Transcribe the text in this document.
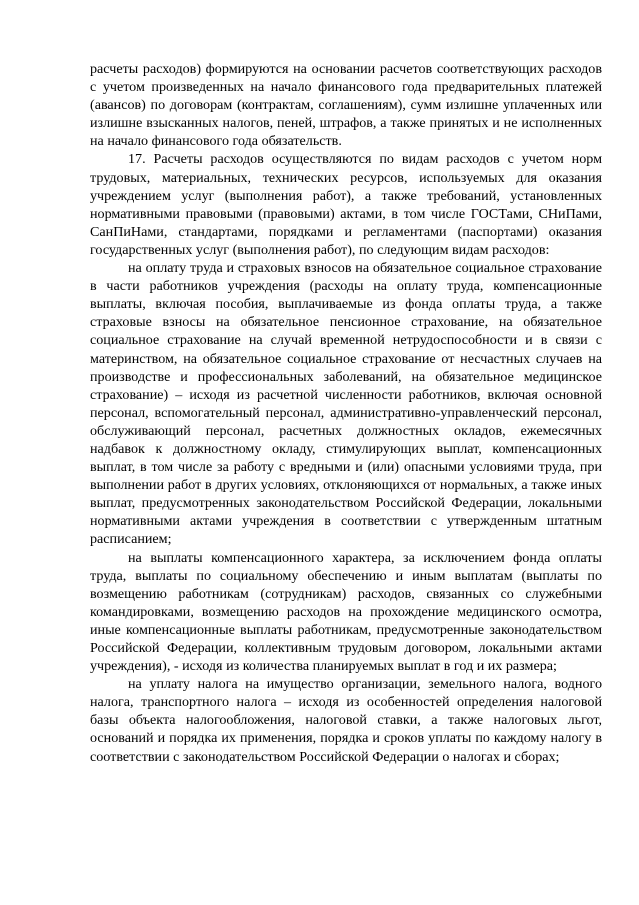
расчеты расходов) формируются на основании расчетов соответствующих расходов с учетом произведенных на начало финансового года предварительных платежей (авансов) по договорам (контрактам, соглашениям), сумм излишне уплаченных или излишне взысканных налогов, пеней, штрафов, а также принятых и не исполненных на начало финансового года обязательств.

17. Расчеты расходов осуществляются по видам расходов с учетом норм трудовых, материальных, технических ресурсов, используемых для оказания учреждением услуг (выполнения работ), а также требований, установленных нормативными правовыми (правовыми) актами, в том числе ГОСТами, СНиПами, СанПиНами, стандартами, порядками и регламентами (паспортами) оказания государственных услуг (выполнения работ), по следующим видам расходов:

на оплату труда и страховых взносов на обязательное социальное страхование в части работников учреждения (расходы на оплату труда, компенсационные выплаты, включая пособия, выплачиваемые из фонда оплаты труда, а также страховые взносы на обязательное пенсионное страхование, на обязательное социальное страхование на случай временной нетрудоспособности и в связи с материнством, на обязательное социальное страхование от несчастных случаев на производстве и профессиональных заболеваний, на обязательное медицинское страхование) – исходя из расчетной численности работников, включая основной персонал, вспомогательный персонал, административно-управленческий персонал, обслуживающий персонал, расчетных должностных окладов, ежемесячных надбавок к должностному окладу, стимулирующих выплат, компенсационных выплат, в том числе за работу с вредными и (или) опасными условиями труда, при выполнении работ в других условиях, отклоняющихся от нормальных, а также иных выплат, предусмотренных законодательством Российской Федерации, локальными нормативными актами учреждения в соответствии с утвержденным штатным расписанием;

на выплаты компенсационного характера, за исключением фонда оплаты труда, выплаты по социальному обеспечению и иным выплатам (выплаты по возмещению работникам (сотрудникам) расходов, связанных со служебными командировками, возмещению расходов на прохождение медицинского осмотра, иные компенсационные выплаты работникам, предусмотренные законодательством Российской Федерации, коллективным трудовым договором, локальными актами учреждения), - исходя из количества планируемых выплат в год и их размера;

на уплату налога на имущество организации, земельного налога, водного налога, транспортного налога – исходя из особенностей определения налоговой базы объекта налогообложения, налоговой ставки, а также налоговых льгот, оснований и порядка их применения, порядка и сроков уплаты по каждому налогу в соответствии с законодательством Российской Федерации о налогах и сборах;
